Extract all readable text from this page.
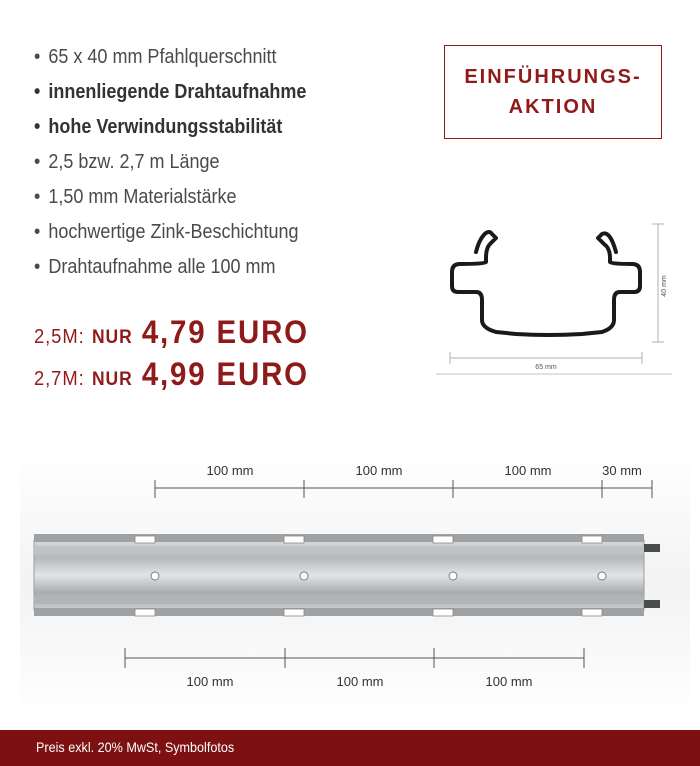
• 65 x 40 mm Pfahlquerschnitt
• innenliegende Drahtaufnahme
• hohe Verwindungsstabilität
• 2,5 bzw. 2,7 m Länge
• 1,50 mm Materialstärke
• hochwertige Zink-Beschichtung
• Drahtaufnahme alle 100 mm
EINFÜHRUNGS-
AKTION
2,5M: NUR 4,79 EURO
2,7M: NUR 4,99 EURO
40 mm
65 mm
100 mm	100 mm	100 mm	30 mm
100 mm	100 mm	100 mm
Preis exkl. 20% MwSt, Symbolfotos
